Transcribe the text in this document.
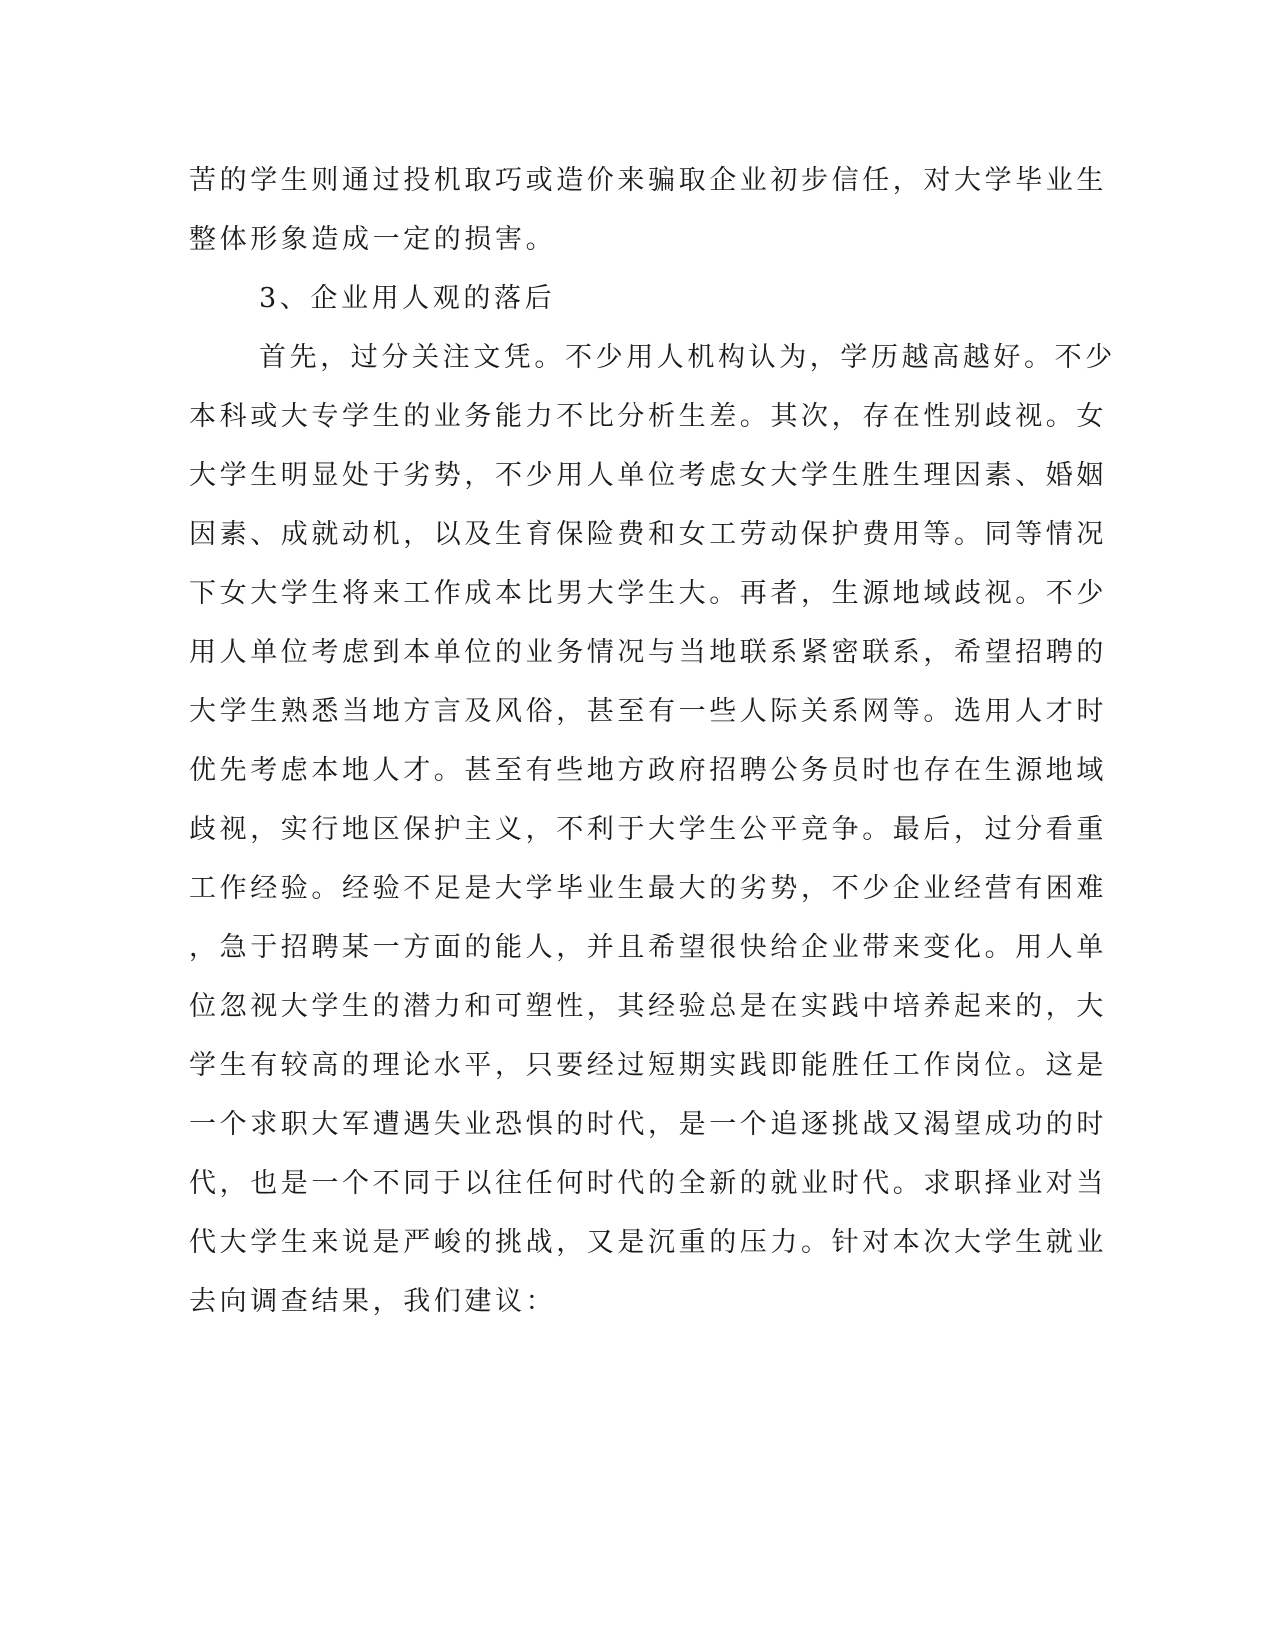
苦的学生则通过投机取巧或造价来骗取企业初步信任，对大学毕业生
整体形象造成一定的损害。
3、企业用人观的落后
首先，过分关注文凭。不少用人机构认为，学历越高越好。不少
本科或大专学生的业务能力不比分析生差。其次，存在性别歧视。女
大学生明显处于劣势，不少用人单位考虑女大学生胜生理因素、婚姻
因素、成就动机，以及生育保险费和女工劳动保护费用等。同等情况
下女大学生将来工作成本比男大学生大。再者，生源地域歧视。不少
用人单位考虑到本单位的业务情况与当地联系紧密联系，希望招聘的
大学生熟悉当地方言及风俗，甚至有一些人际关系网等。选用人才时
优先考虑本地人才。甚至有些地方政府招聘公务员时也存在生源地域
歧视，实行地区保护主义，不利于大学生公平竞争。最后，过分看重
工作经验。经验不足是大学毕业生最大的劣势，不少企业经营有困难
，急于招聘某一方面的能人，并且希望很快给企业带来变化。用人单
位忽视大学生的潜力和可塑性，其经验总是在实践中培养起来的，大
学生有较高的理论水平，只要经过短期实践即能胜任工作岗位。这是
一个求职大军遭遇失业恐惧的时代，是一个追逐挑战又渴望成功的时
代，也是一个不同于以往任何时代的全新的就业时代。求职择业对当
代大学生来说是严峻的挑战，又是沉重的压力。针对本次大学生就业
去向调查结果，我们建议：
